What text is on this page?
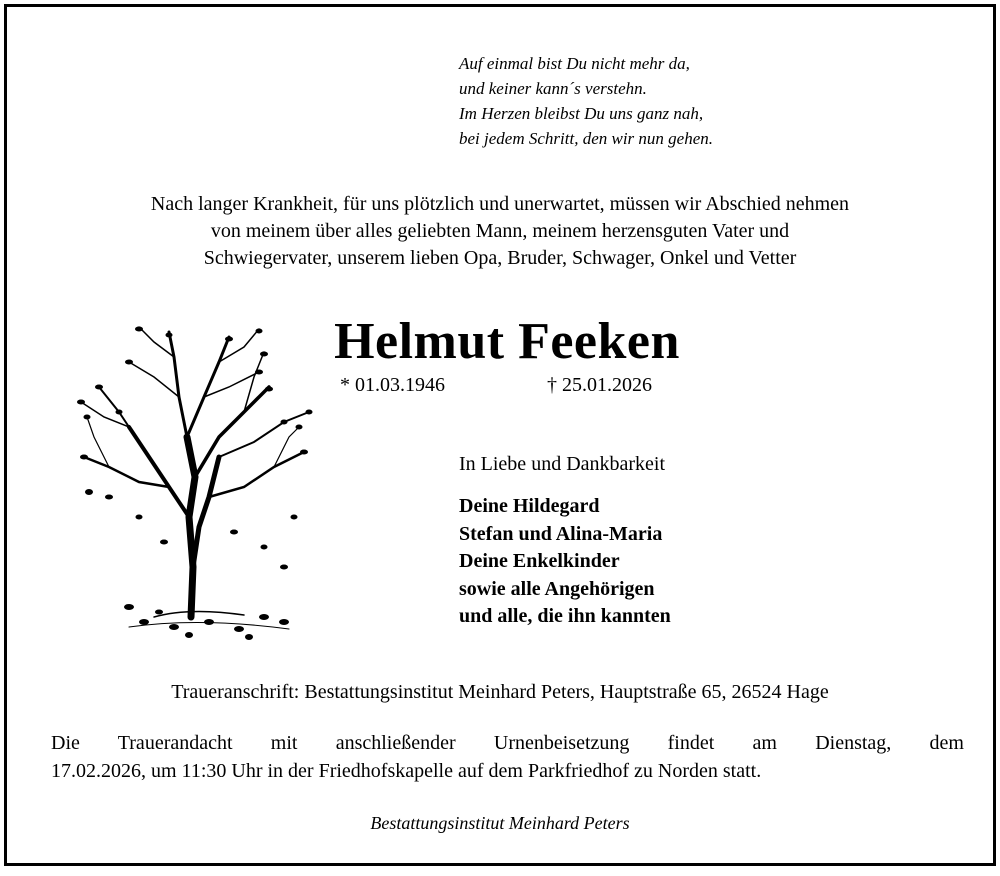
Auf einmal bist Du nicht mehr da,
und keiner kann´s verstehn.
Im Herzen bleibst Du uns ganz nah,
bei jedem Schritt, den wir nun gehen.
Nach langer Krankheit, für uns plötzlich und unerwartet, müssen wir Abschied nehmen
von meinem über alles geliebten Mann, meinem herzensguten Vater und
Schwiegervater, unserem lieben Opa, Bruder, Schwager, Onkel und Vetter
Helmut Feeken
* 01.03.1946	† 25.01.2026
In Liebe und Dankbarkeit
Deine Hildegard
Stefan und Alina-Maria
Deine Enkelkinder
sowie alle Angehörigen
und alle, die ihn kannten
Traueranschrift: Bestattungsinstitut Meinhard Peters, Hauptstraße 65, 26524 Hage
Die Trauerandacht mit anschließender Urnenbeisetzung findet am Dienstag, dem
17.02.2026, um 11:30 Uhr in der Friedhofskapelle auf dem Parkfriedhof zu Norden statt.
Bestattungsinstitut Meinhard Peters
